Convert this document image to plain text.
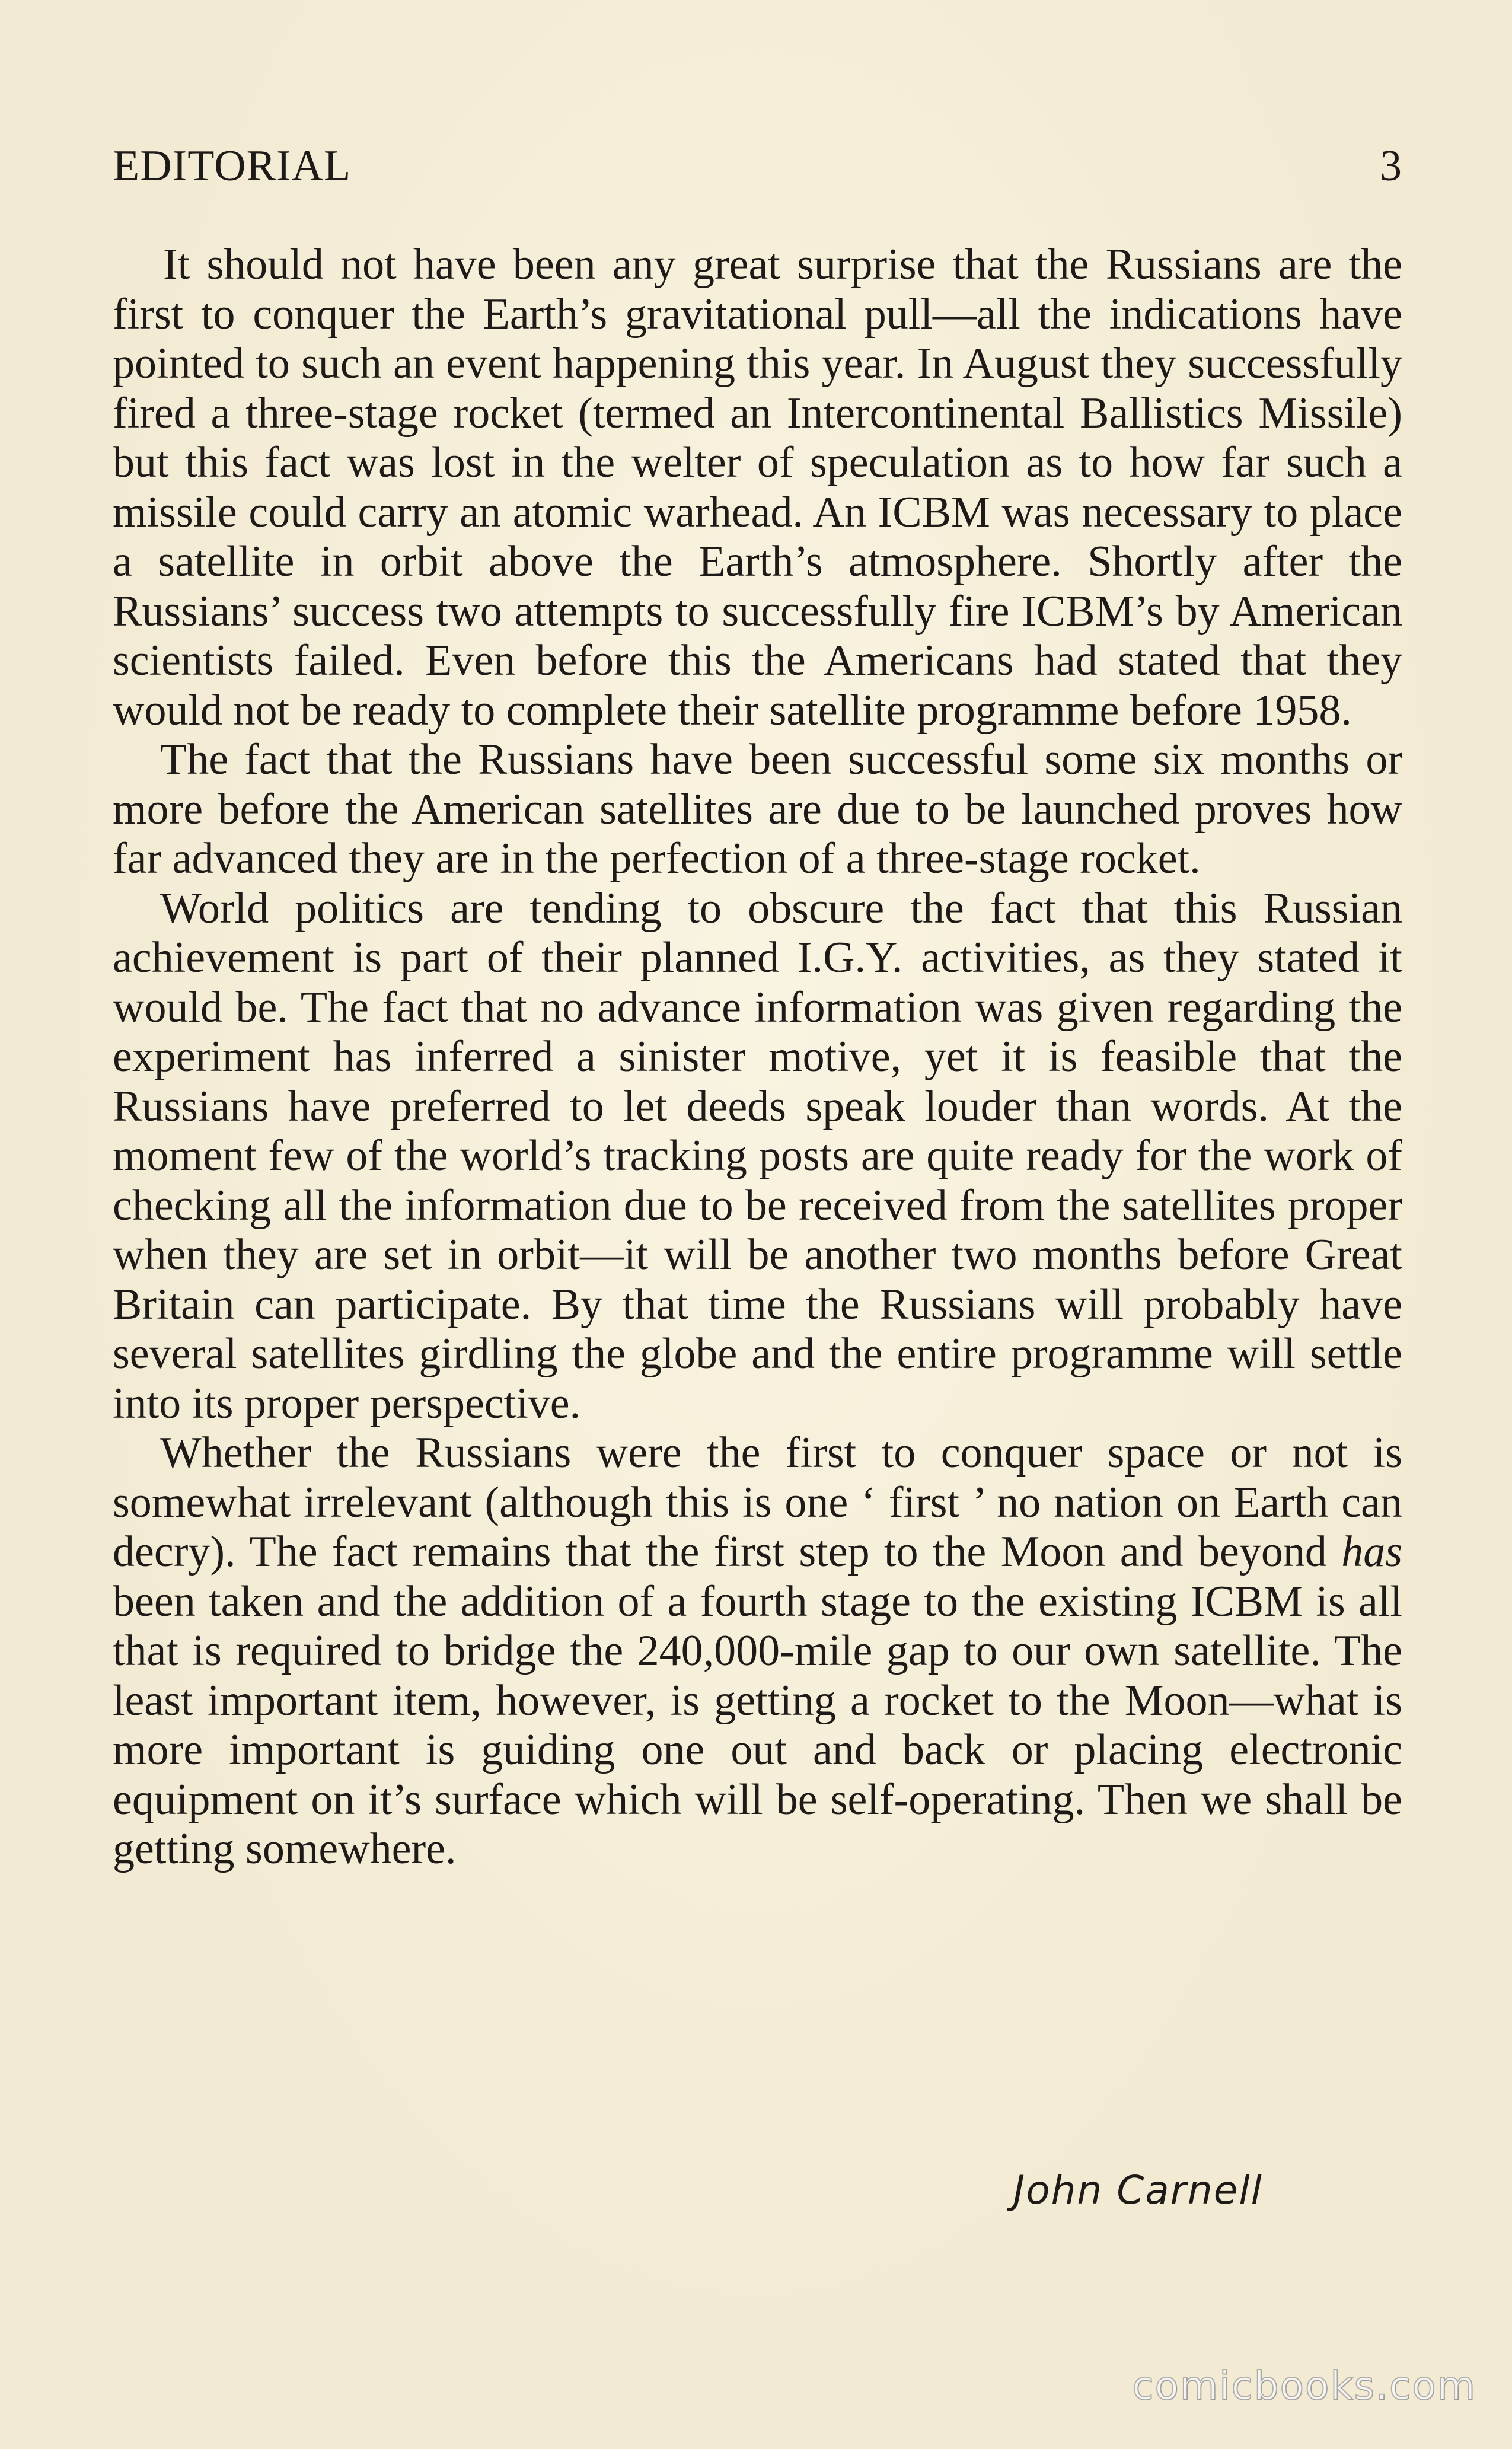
EDITORIAL	3

It should not have been any great surprise that the Russians are the first to conquer the Earth’s gravitational pull—all the indications have pointed to such an event happening this year. In August they successfully fired a three-stage rocket (termed an Intercontinental Ballistics Missile) but this fact was lost in the welter of speculation as to how far such a missile could carry an atomic warhead. An ICBM was necessary to place a satellite in orbit above the Earth’s atmosphere. Shortly after the Russians’ success two attempts to successfully fire ICBM’s by American scientists failed. Even before this the Americans had stated that they would not be ready to complete their satellite programme before 1958.

The fact that the Russians have been successful some six months or more before the American satellites are due to be launched proves how far advanced they are in the perfection of a three-stage rocket.

World politics are tending to obscure the fact that this Russian achievement is part of their planned I.G.Y. activities, as they stated it would be. The fact that no advance information was given regarding the experiment has inferred a sinister motive, yet it is feasible that the Russians have preferred to let deeds speak louder than words. At the moment few of the world’s tracking posts are quite ready for the work of checking all the information due to be received from the satellites proper when they are set in orbit—it will be another two months before Great Britain can participate. By that time the Russians will probably have several satellites girdling the globe and the entire programme will settle into its proper perspective.

Whether the Russians were the first to conquer space or not is somewhat irrelevant (although this is one ‘ first ’ no nation on Earth can decry). The fact remains that the first step to the Moon and beyond has been taken and the addition of a fourth stage to the existing ICBM is all that is required to bridge the 240,000-mile gap to our own satellite. The least important item, however, is getting a rocket to the Moon—what is more important is guiding one out and back or placing electronic equipment on it’s surface which will be self-operating. Then we shall be getting somewhere.

John Carnell
comicbooks.com
